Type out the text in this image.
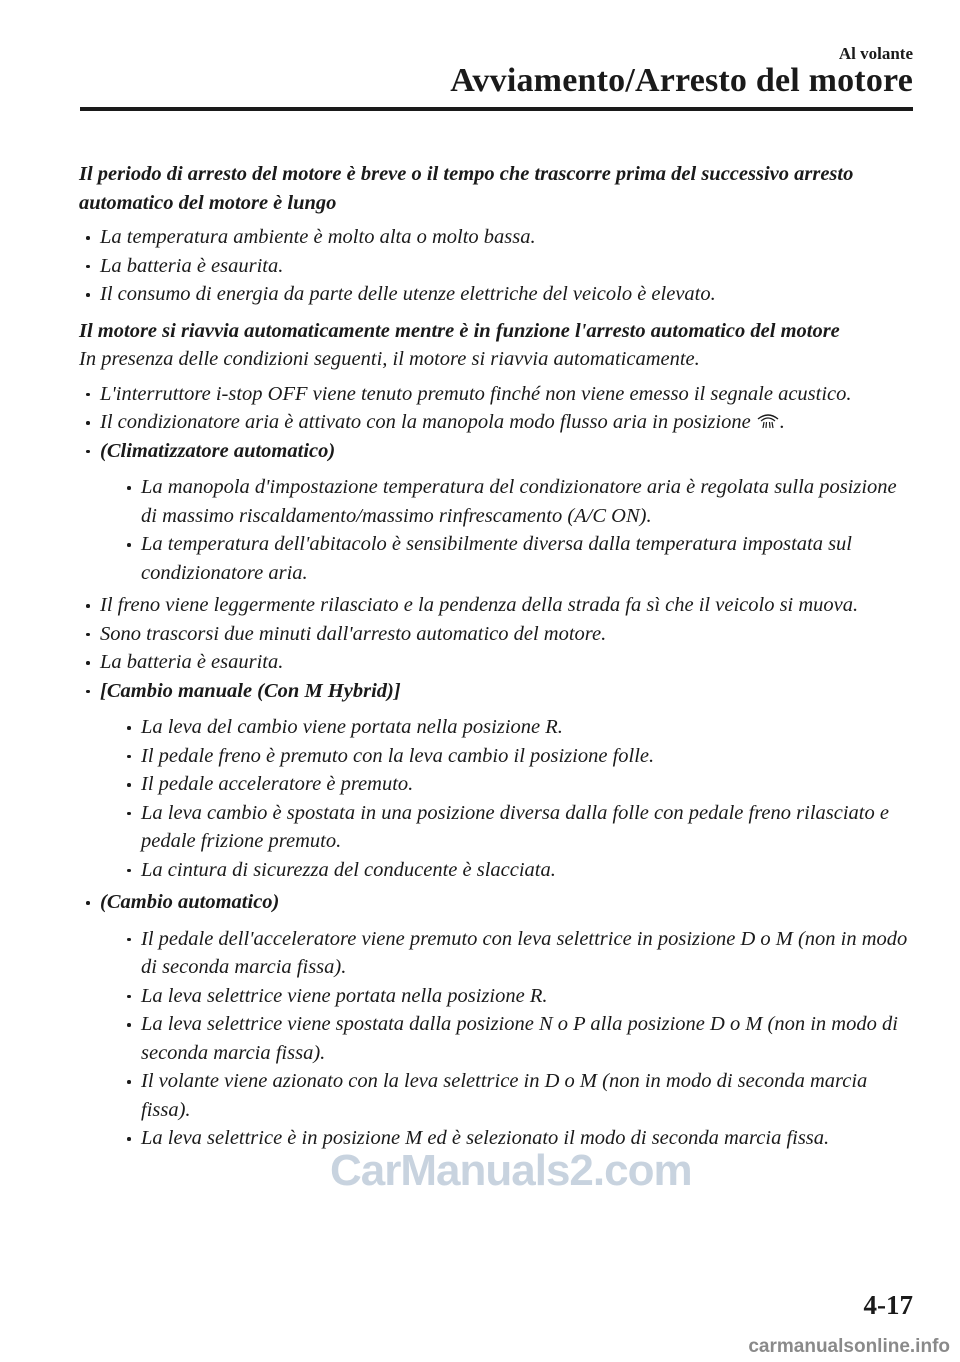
Al volante
Avviamento/Arresto del motore

Il periodo di arresto del motore è breve o il tempo che trascorre prima del successivo arresto automatico del motore è lungo

La temperatura ambiente è molto alta o molto bassa.
La batteria è esaurita.
Il consumo di energia da parte delle utenze elettriche del veicolo è elevato.

Il motore si riavvia automaticamente mentre è in funzione l'arresto automatico del motore

In presenza delle condizioni seguenti, il motore si riavvia automaticamente.

L'interruttore i-stop OFF viene tenuto premuto finché non viene emesso il segnale acustico.
Il condizionatore aria è attivato con la manopola modo flusso aria in posizione .
(Climatizzatore automatico)
La manopola d'impostazione temperatura del condizionatore aria è regolata sulla posizione di massimo riscaldamento/massimo rinfrescamento (A/C ON).
La temperatura dell'abitacolo è sensibilmente diversa dalla temperatura impostata sul condizionatore aria.
Il freno viene leggermente rilasciato e la pendenza della strada fa sì che il veicolo si muova.
Sono trascorsi due minuti dall'arresto automatico del motore.
La batteria è esaurita.
[Cambio manuale (Con M Hybrid)]
La leva del cambio viene portata nella posizione R.
Il pedale freno è premuto con la leva cambio il posizione folle.
Il pedale acceleratore è premuto.
La leva cambio è spostata in una posizione diversa dalla folle con pedale freno rilasciato e pedale frizione premuto.
La cintura di sicurezza del conducente è slacciata.
(Cambio automatico)
Il pedale dell'acceleratore viene premuto con leva selettrice in posizione D o M (non in modo di seconda marcia fissa).
La leva selettrice viene portata nella posizione R.
La leva selettrice viene spostata dalla posizione N o P alla posizione D o M (non in modo di seconda marcia fissa).
Il volante viene azionato con la leva selettrice in D o M (non in modo di seconda marcia fissa).
La leva selettrice è in posizione M ed è selezionato il modo di seconda marcia fissa.
CarManuals2.com
4-17
carmanualsonline.info
